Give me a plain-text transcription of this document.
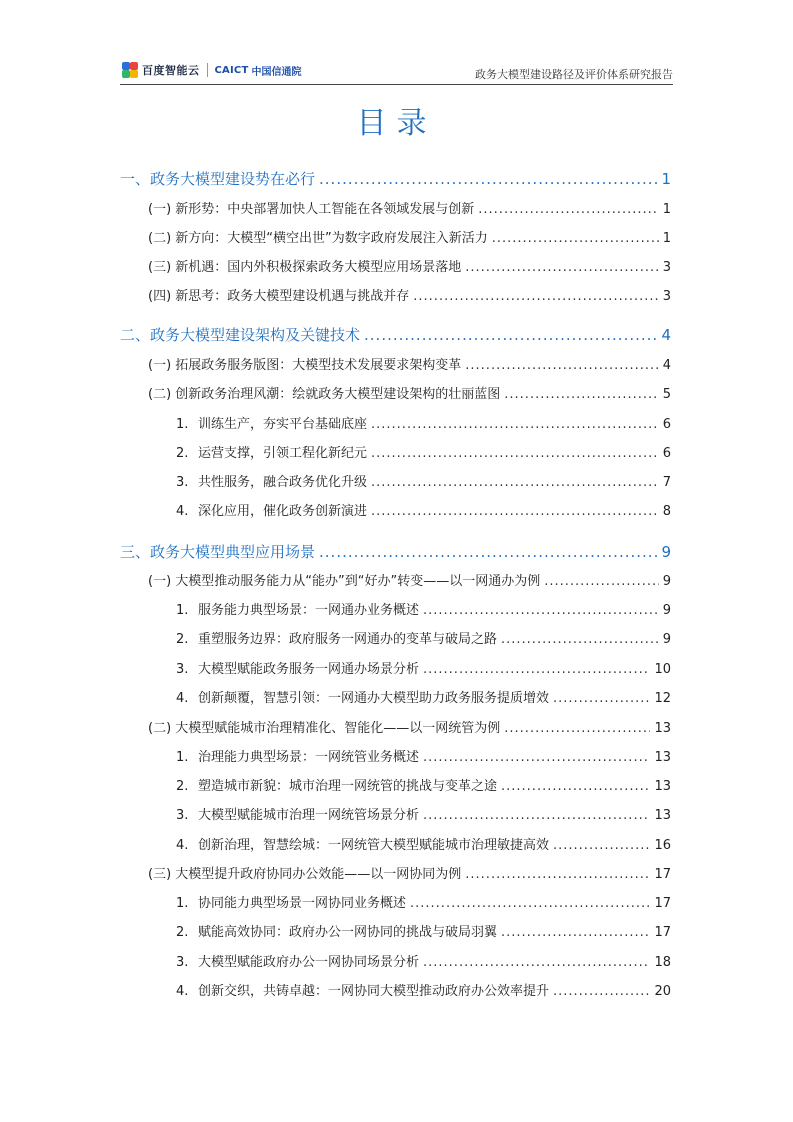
百度智能云 CAICT 中国信通院	政务大模型建设路径及评价体系研究报告
目录
一、政务大模型建设势在必行 .....	1
(一) 新形势：中央部署加快人工智能在各领域发展与创新 .....	1
(二) 新方向：大模型“横空出世”为数字政府发展注入新活力 .....	1
(三) 新机遇：国内外积极探索政务大模型应用场景落地 .....	3
(四) 新思考：政务大模型建设机遇与挑战并存 .....	3
二、政务大模型建设架构及关键技术 .....	4
(一) 拓展政务服务版图：大模型技术发展要求架构变革 .....	4
(二) 创新政务治理风潮：绘就政务大模型建设架构的壮丽蓝图 .....	5
1. 训练生产，夯实平台基础底座 .....	6
2. 运营支撑，引领工程化新纪元 .....	6
3. 共性服务，融合政务优化升级 .....	7
4. 深化应用，催化政务创新演进 .....	8
三、政务大模型典型应用场景 .....	9
(一) 大模型推动服务能力从“能办”到“好办”转变——以一网通办为例 .....	9
1. 服务能力典型场景：一网通办业务概述 .....	9
2. 重塑服务边界：政府服务一网通办的变革与破局之路 .....	9
3. 大模型赋能政务服务一网通办场景分析 .....	10
4. 创新颠覆，智慧引领：一网通办大模型助力政务服务提质增效 .....	12
(二) 大模型赋能城市治理精准化、智能化——以一网统管为例 .....	13
1. 治理能力典型场景：一网统管业务概述 .....	13
2. 塑造城市新貌：城市治理一网统管的挑战与变革之途 .....	13
3. 大模型赋能城市治理一网统管场景分析 .....	13
4. 创新治理，智慧绘城：一网统管大模型赋能城市治理敏捷高效 .....	16
(三) 大模型提升政府协同办公效能——以一网协同为例 .....	17
1. 协同能力典型场景一网协同业务概述 .....	17
2. 赋能高效协同：政府办公一网协同的挑战与破局羽翼 .....	17
3. 大模型赋能政府办公一网协同场景分析 .....	18
4. 创新交织，共铸卓越：一网协同大模型推动政府办公效率提升 .....	20
